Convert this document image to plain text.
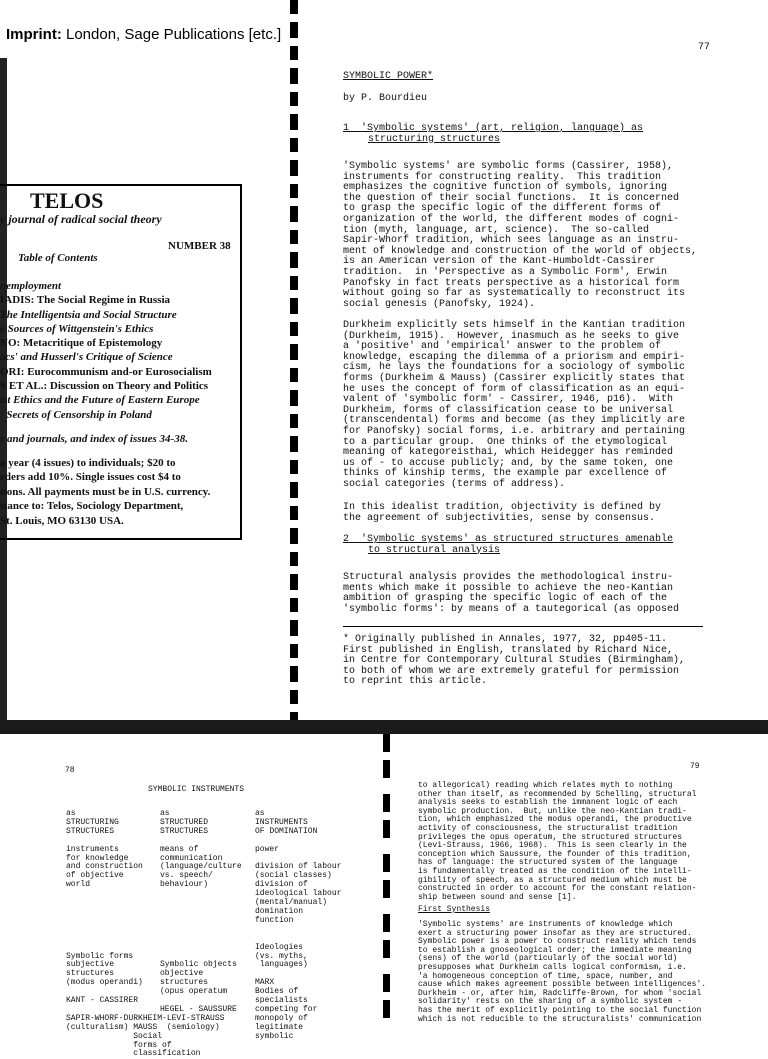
Imprint: London, Sage Publications [etc.]
TELOS
y journal of radical social theory
NUMBER 38
Table of Contents
nemployment
IADIS: The Social Regime in Russia
The Intelligentsia and Social Structure
e Sources of Wittgenstein's Ethics
NO: Metacritique of Epistemology
acs' and Husserl's Critique of Science
ORI: Eurocommunism and-or Eurosocialism
S ET AL.: Discussion on Theory and Politics
ist Ethics and the Future of Eastern Europe
: Secrets of Censorship in Poland
s and journals, and index of issues 34-38.
a year (4 issues) to individuals; $20 to
rders add 10%. Single issues cost $4 to
tions. All payments must be in U.S. currency.
ttance to: Telos, Sociology Department,
St. Louis, MO 63130 USA.
77
SYMBOLIC POWER*
by P. Bourdieu
1  'Symbolic systems' (art, religion, language) as
structuring structures
'Symbolic systems' are symbolic forms (Cassirer, 1958),
instruments for constructing reality.  This tradition
emphasizes the cognitive function of symbols, ignoring
the question of their social functions.  It is concerned
to grasp the specific logic of the different forms of
organization of the world, the different modes of cogni-
tion (myth, language, art, science).  The so-called
Sapir-Whorf tradition, which sees language as an instru-
ment of knowledge and construction of the world of objects,
is an American version of the Kant-Humboldt-Cassirer
tradition.  in 'Perspective as a Symbolic Form', Erwin
Panofsky in fact treats perspective as a historical form
without going so far as systematically to reconstruct its
social genesis (Panofsky, 1924).
Durkheim explicitly sets himself in the Kantian tradition
(Durkheim, 1915).  However, inasmuch as he seeks to give
a 'positive' and 'empirical' answer to the problem of
knowledge, escaping the dilemma of a priorism and empiri-
cism, he lays the foundations for a sociology of symbolic
forms (Durkheim & Mauss) (Cassirer explicitly states that
he uses the concept of form of classification as an equi-
valent of 'symbolic form' - Cassirer, 1946, p16).  With
Durkheim, forms of classification cease to be universal
(transcendental) forms and become (as they implicitly are
for Panofsky) social forms, i.e. arbitrary and pertaining
to a particular group.  One thinks of the etymological
meaning of kategoreisthai, which Heidegger has reminded
us of - to accuse publicly; and, by the same token, one
thinks of kinship terms, the example par excellence of
social categories (terms of address).
In this idealist tradition, objectivity is defined by
the agreement of subjectivities, sense by consensus.
2  'Symbolic systems' as structured structures amenable
to structural analysis
Structural analysis provides the methodological instru-
ments which make it possible to achieve the neo-Kantian
ambition of grasping the specific logic of each of the
'symbolic forms': by means of a tautegorical (as opposed
* Originally published in Annales, 1977, 32, pp405-11.
First published in English, translated by Richard Nice,
in Centre for Contemporary Cultural Studies (Birmingham),
to both of whom we are extremely grateful for permission
to reprint this article.
78
SYMBOLIC INSTRUMENTS
as
STRUCTURING
STRUCTURES

instruments
for knowledge
and construction
of objective
world

Symbolic forms
subjective
structures
(modus operandi)

KANT - CASSIRER

SAPIR-WHORF-DURKHEIM-LEVI-STRAUSS
(culturalism) MAUSS  (semiology)
Social
forms of
classification
as
STRUCTURED
STRUCTURES

means of
communication
(language/culture
vs. speech/
behaviour)

Symbolic objects
objective
structures
(opus operatum

HEGEL - SAUSSURE
as
INSTRUMENTS
OF DOMINATION

power

division of labour
(social classes)
division of
ideological labour
(mental/manual)
domination
function

Ideologies
(vs. myths,
languages)

MARX
Bodies of
specialists
competing for
monopoly of
legitimate
symbolic
79
to allegorical) reading which relates myth to nothing
other than itself, as recommended by Schelling, structural
analysis seeks to establish the immanent logic of each
symbolic production.  But, unlike the neo-Kantian tradi-
tion, which emphasized the modus operandi, the productive
activity of consciousness, the structuralist tradition
privileges the opus operatum, the structured structures
(Levi-Strauss, 1966, 1968).  This is seen clearly in the
conception which Saussure, the founder of this tradition,
has of language: the structured system of the language
is fundamentally treated as the condition of the intelli-
gibility of speech, as a structured medium which must be
constructed in order to account for the constant relation-
ship between sound and sense [1].
First Synthesis
'Symbolic systems' are instruments of knowledge which
exert a structuring power insofar as they are structured.
Symbolic power is a power to construct reality which tends
to establish a gnoseological order; the immediate meaning
(sens) of the world (particularly of the social world)
presupposes what Durkheim calls logical conformism, i.e.
'a homogeneous conception of time, space, number, and
cause which makes agreement possible between intelligences'.
Durkheim - or, after him, Radcliffe-Brown, for whom 'social
solidarity' rests on the sharing of a symbolic system -
has the merit of explicitly pointing to the social function
which is not reducible to the structuralists' communication
